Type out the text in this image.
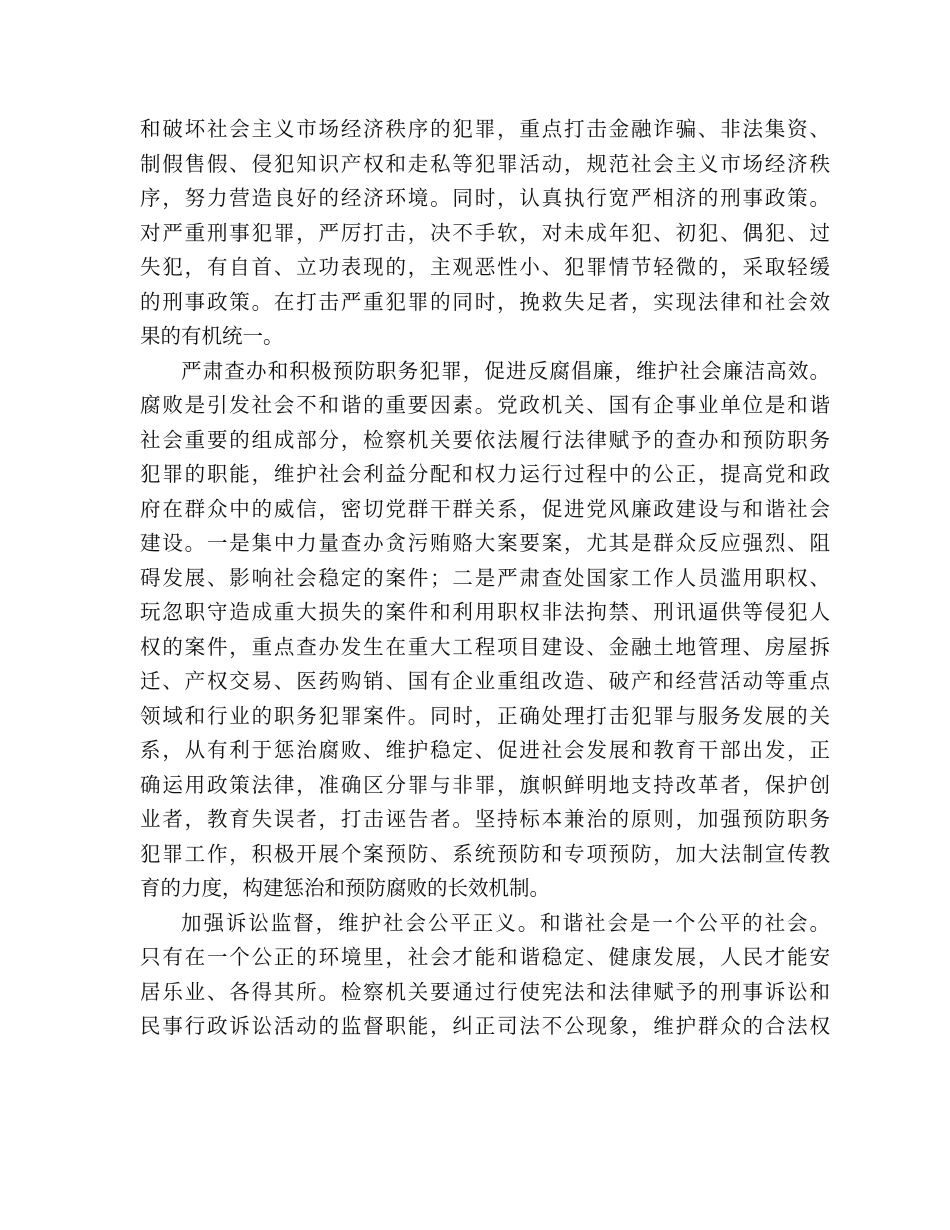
和破坏社会主义市场经济秩序的犯罪，重点打击金融诈骗、非法集资、
制假售假、侵犯知识产权和走私等犯罪活动，规范社会主义市场经济秩
序，努力营造良好的经济环境。同时，认真执行宽严相济的刑事政策。
对严重刑事犯罪，严厉打击，决不手软，对未成年犯、初犯、偶犯、过
失犯，有自首、立功表现的，主观恶性小、犯罪情节轻微的，采取轻缓
的刑事政策。在打击严重犯罪的同时，挽救失足者，实现法律和社会效
果的有机统一。
严肃查办和积极预防职务犯罪，促进反腐倡廉，维护社会廉洁高效。
腐败是引发社会不和谐的重要因素。党政机关、国有企事业单位是和谐
社会重要的组成部分，检察机关要依法履行法律赋予的查办和预防职务
犯罪的职能，维护社会利益分配和权力运行过程中的公正，提高党和政
府在群众中的威信，密切党群干群关系，促进党风廉政建设与和谐社会
建设。一是集中力量查办贪污贿赂大案要案，尤其是群众反应强烈、阻
碍发展、影响社会稳定的案件；二是严肃查处国家工作人员滥用职权、
玩忽职守造成重大损失的案件和利用职权非法拘禁、刑讯逼供等侵犯人
权的案件，重点查办发生在重大工程项目建设、金融土地管理、房屋拆
迁、产权交易、医药购销、国有企业重组改造、破产和经营活动等重点
领域和行业的职务犯罪案件。同时，正确处理打击犯罪与服务发展的关
系，从有利于惩治腐败、维护稳定、促进社会发展和教育干部出发，正
确运用政策法律，准确区分罪与非罪，旗帜鲜明地支持改革者，保护创
业者，教育失误者，打击诬告者。坚持标本兼治的原则，加强预防职务
犯罪工作，积极开展个案预防、系统预防和专项预防，加大法制宣传教
育的力度，构建惩治和预防腐败的长效机制。
加强诉讼监督，维护社会公平正义。和谐社会是一个公平的社会。
只有在一个公正的环境里，社会才能和谐稳定、健康发展，人民才能安
居乐业、各得其所。检察机关要通过行使宪法和法律赋予的刑事诉讼和
民事行政诉讼活动的监督职能，纠正司法不公现象，维护群众的合法权
